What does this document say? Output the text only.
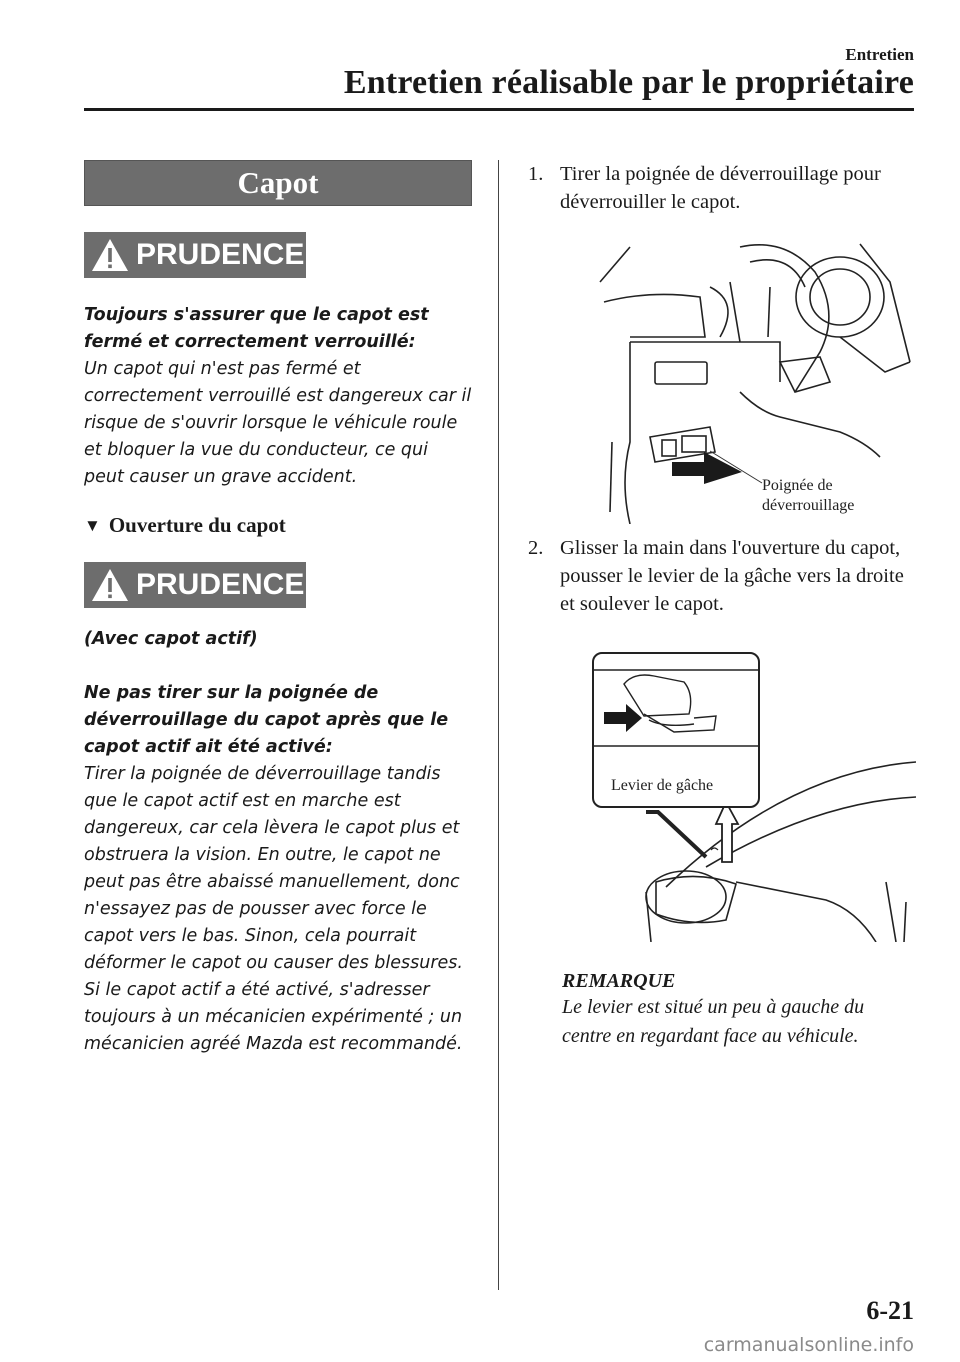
Entretien
Entretien réalisable par le propriétaire
Capot
PRUDENCE

Toujours s'assurer que le capot est fermé et correctement verrouillé:

Un capot qui n'est pas fermé et correctement verrouillé est dangereux car il risque de s'ouvrir lorsque le véhicule roule et bloquer la vue du conducteur, ce qui peut causer un grave accident.

▼ Ouverture du capot
PRUDENCE

(Avec capot actif)

Ne pas tirer sur la poignée de déverrouillage du capot après que le capot actif ait été activé:

Tirer la poignée de déverrouillage tandis que le capot actif est en marche est dangereux, car cela lèvera le capot plus et obstruera la vision. En outre, le capot ne peut pas être abaissé manuellement, donc n'essayez pas de pousser avec force le capot vers le bas. Sinon, cela pourrait déformer le capot ou causer des blessures. Si le capot actif a été activé, s'adresser toujours à un mécanicien expérimenté ; un mécanicien agréé Mazda est recommandé.

1. Tirer la poignée de déverrouillage pour déverrouiller le capot.
Poignée de
déverrouillage
2. Glisser la main dans l'ouverture du capot, pousser le levier de la gâche vers la droite et soulever le capot.
Levier de gâche
REMARQUE
Le levier est situé un peu à gauche du centre en regardant face au véhicule.
6-21
carmanualsonline.info
